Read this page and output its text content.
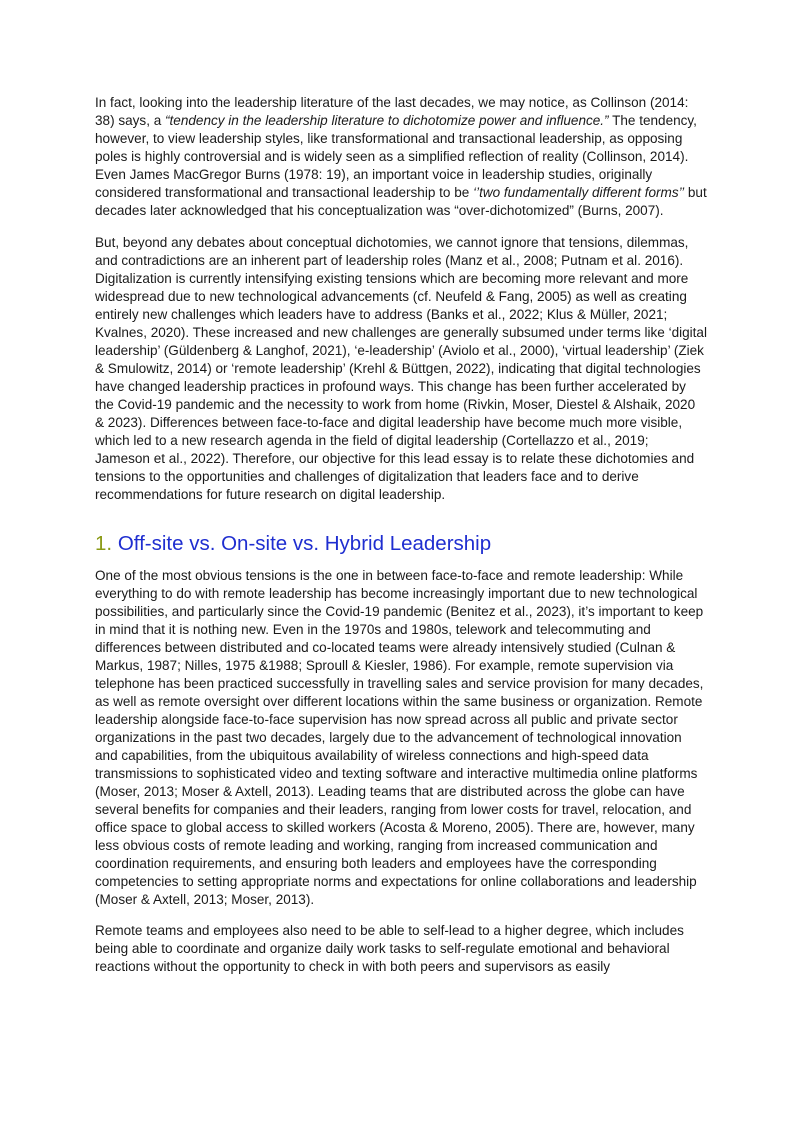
In fact, looking into the leadership literature of the last decades, we may notice, as Collinson (2014: 38) says, a “tendency in the leadership literature to dichotomize power and influence.” The tendency, however, to view leadership styles, like transformational and transactional leadership, as opposing poles is highly controversial and is widely seen as a simplified reflection of reality (Collinson, 2014). Even James MacGregor Burns (1978: 19), an important voice in leadership studies, originally considered transformational and transactional leadership to be ‘’two fundamentally different forms’’ but decades later acknowledged that his conceptualization was “over-dichotomized” (Burns, 2007).

But, beyond any debates about conceptual dichotomies, we cannot ignore that tensions, dilemmas, and contradictions are an inherent part of leadership roles (Manz et al., 2008; Putnam et al. 2016). Digitalization is currently intensifying existing tensions which are becoming more relevant and more widespread due to new technological advancements (cf. Neufeld & Fang, 2005) as well as creating entirely new challenges which leaders have to address (Banks et al., 2022; Klus & Müller, 2021; Kvalnes, 2020). These increased and new challenges are generally subsumed under terms like ‘digital leadership’ (Güldenberg & Langhof, 2021), ‘e-leadership’ (Aviolo et al., 2000), ‘virtual leadership’ (Ziek & Smulowitz, 2014) or ‘remote leadership’ (Krehl & Büttgen, 2022), indicating that digital technologies have changed leadership practices in profound ways. This change has been further accelerated by the Covid-19 pandemic and the necessity to work from home (Rivkin, Moser, Diestel & Alshaik, 2020 & 2023). Differences between face-to-face and digital leadership have become much more visible, which led to a new research agenda in the field of digital leadership (Cortellazzo et al., 2019; Jameson et al., 2022). Therefore, our objective for this lead essay is to relate these dichotomies and tensions to the opportunities and challenges of digitalization that leaders face and to derive recommendations for future research on digital leadership.

1. Off-site vs. On-site vs. Hybrid Leadership

One of the most obvious tensions is the one in between face-to-face and remote leadership: While everything to do with remote leadership has become increasingly important due to new technological possibilities, and particularly since the Covid-19 pandemic (Benitez et al., 2023), it’s important to keep in mind that it is nothing new. Even in the 1970s and 1980s, telework and telecommuting and differences between distributed and co-located teams were already intensively studied (Culnan & Markus, 1987; Nilles, 1975 &1988; Sproull & Kiesler, 1986). For example, remote supervision via telephone has been practiced successfully in travelling sales and service provision for many decades, as well as remote oversight over different locations within the same business or organization. Remote leadership alongside face-to-face supervision has now spread across all public and private sector organizations in the past two decades, largely due to the advancement of technological innovation and capabilities, from the ubiquitous availability of wireless connections and high-speed data transmissions to sophisticated video and texting software and interactive multimedia online platforms (Moser, 2013; Moser & Axtell, 2013). Leading teams that are distributed across the globe can have several benefits for companies and their leaders, ranging from lower costs for travel, relocation, and office space to global access to skilled workers (Acosta & Moreno, 2005). There are, however, many less obvious costs of remote leading and working, ranging from increased communication and coordination requirements, and ensuring both leaders and employees have the corresponding competencies to setting appropriate norms and expectations for online collaborations and leadership (Moser & Axtell, 2013; Moser, 2013).

Remote teams and employees also need to be able to self-lead to a higher degree, which includes being able to coordinate and organize daily work tasks to self-regulate emotional and behavioral reactions without the opportunity to check in with both peers and supervisors as easily
